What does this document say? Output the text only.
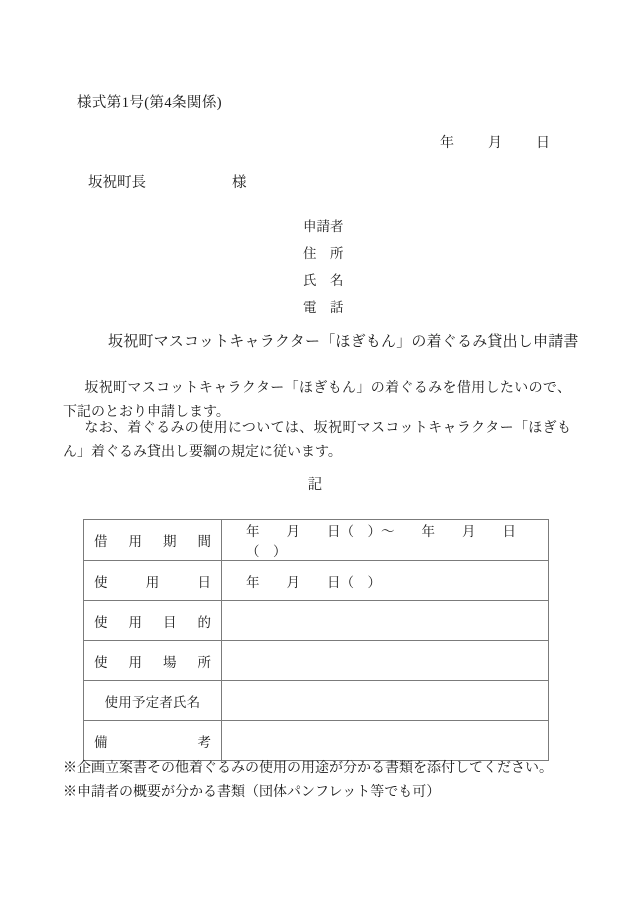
様式第1号(第4条関係)
年 月 日
坂祝町長	様
申請者
住　所
氏　名
電　話
坂祝町マスコットキャラクター「ほぎもん」の着ぐるみ貸出し申請書
坂祝町マスコットキャラクター「ほぎもん」の着ぐるみを借用したいので、下記のとおり申請します。
なお、着ぐるみの使用については、坂祝町マスコットキャラクター「ほぎもん」着ぐるみ貸出し要綱の規定に従います。
記
借用期間	年　　月　　日（　）～　　年　　月　　日（　）

使用日	年　　月　　日（　）

使用目的	

使用場所	

使用予定者氏名	

備考	

※企画立案書その他着ぐるみの使用の用途が分かる書類を添付してください。
※申請者の概要が分かる書類（団体パンフレット等でも可）
